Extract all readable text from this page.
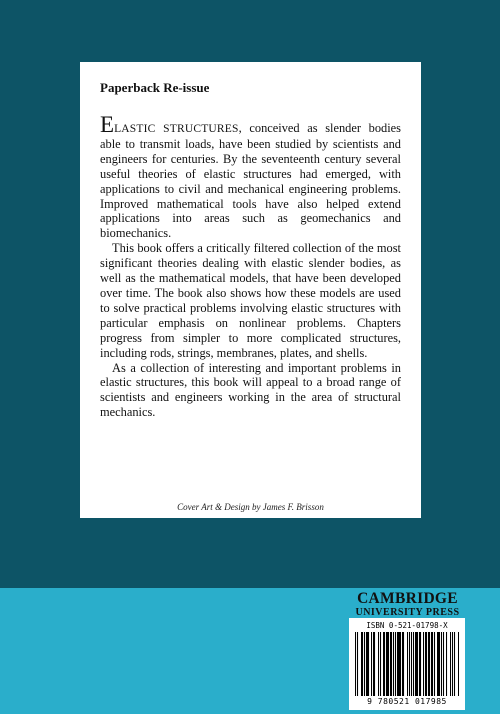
Paperback Re-issue

ELASTIC STRUCTURES, conceived as slender bodies able to transmit loads, have been studied by scientists and engineers for centuries. By the seventeenth century several useful theories of elastic structures had emerged, with applications to civil and mechanical engineering problems. Improved mathematical tools have also helped extend applications into areas such as geomechanics and biomechanics.

This book offers a critically filtered collection of the most significant theories dealing with elastic slender bodies, as well as the mathematical models, that have been developed over time. The book also shows how these models are used to solve practical problems involving elastic structures with particular emphasis on nonlinear problems. Chapters progress from simpler to more complicated structures, including rods, strings, membranes, plates, and shells.

As a collection of interesting and important problems in elastic structures, this book will appeal to a broad range of scientists and engineers working in the area of structural mechanics.

Cover Art & Design by James F. Brisson
CAMBRIDGE
UNIVERSITY PRESS
ISBN 0-521-01798-X
9 780521 017985
